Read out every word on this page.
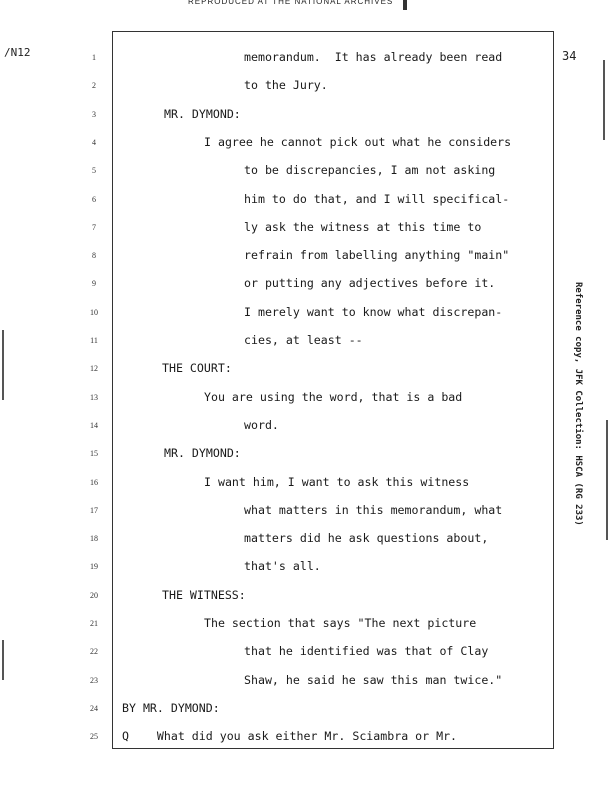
REPRODUCED AT THE NATIONAL ARCHIVES
/N12	34
Reference copy, JFK Collection: HSCA (RG 233)
1
2
3
4
5
6
7
8
9
10
11
12
13
14
15
16
17
18
19
20
21
22
23
24
25
memorandum.  It has already been read
to the Jury.
MR. DYMOND:
I agree he cannot pick out what he considers
to be discrepancies, I am not asking
him to do that, and I will specifical-
ly ask the witness at this time to
refrain from labelling anything "main"
or putting any adjectives before it.
I merely want to know what discrepan-
cies, at least --
THE COURT:
You are using the word, that is a bad
word.
MR. DYMOND:
I want him, I want to ask this witness
what matters in this memorandum, what
matters did he ask questions about,
that's all.
THE WITNESS:
The section that says "The next picture
that he identified was that of Clay
Shaw, he said he saw this man twice."
BY MR. DYMOND:
Q    What did you ask either Mr. Sciambra or Mr.
